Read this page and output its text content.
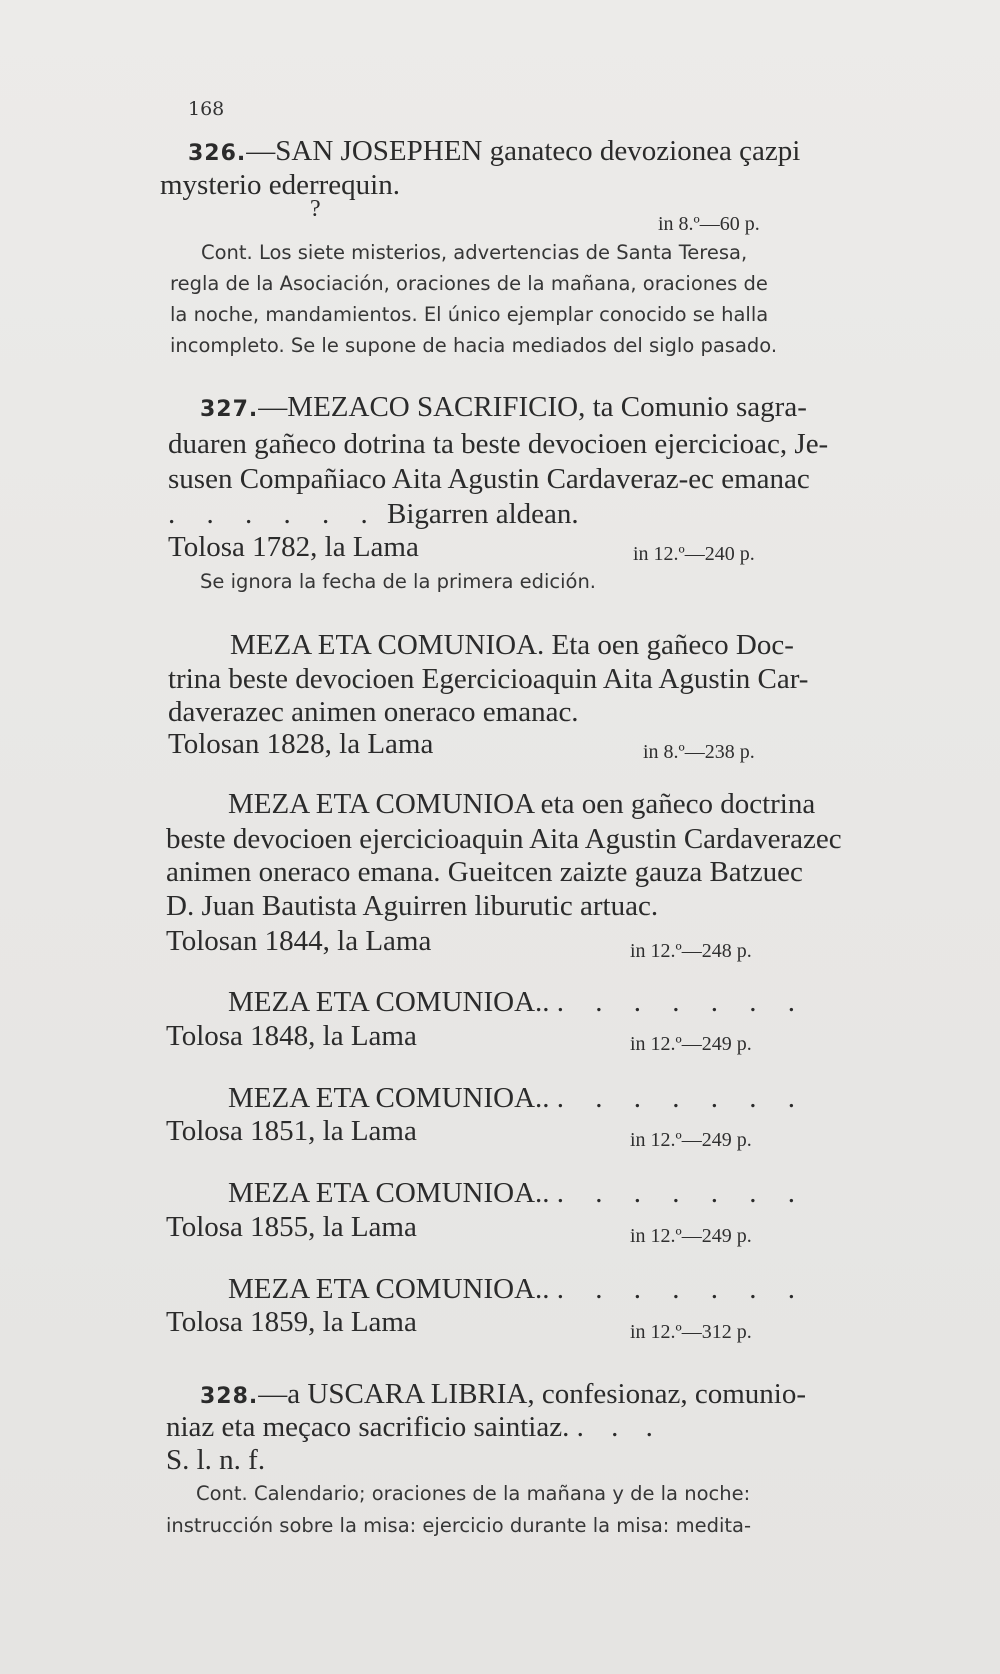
168
326.—SAN JOSEPHEN ganateco devozionea çazpi
mysterio ederrequin.
?
in 8.º—60 p.
Cont. Los siete misterios, advertencias de Santa Teresa,
regla de la Asociación, oraciones de la mañana, oraciones de
la noche, mandamientos. El único ejemplar conocido se halla
incompleto. Se le supone de hacia mediados del siglo pasado.
327.—MEZACO SACRIFICIO, ta Comunio sagra-
duaren gañeco dotrina ta beste devocioen ejercicioac, Je-
susen Compañiaco Aita Agustin Cardaveraz-ec emanac
. . . . . . Bigarren aldean.
Tolosa 1782, la Lama	in 12.º—240 p.
Se ignora la fecha de la primera edición.
MEZA ETA COMUNIOA. Eta oen gañeco Doc-
trina beste devocioen Egercicioaquin Aita Agustin Car-
daverazec animen oneraco emanac.
Tolosan 1828, la Lama	in 8.º—238 p.
MEZA ETA COMUNIOA eta oen gañeco doctrina
beste devocioen ejercicioaquin Aita Agustin Cardaverazec
animen oneraco emana. Gueitcen zaizte gauza Batzuec
D. Juan Bautista Aguirren liburutic artuac.
Tolosan 1844, la Lama	in 12.º—248 p.
MEZA ETA COMUNIOA.. . . . . . . .
Tolosa 1848, la Lama	in 12.º—249 p.
MEZA ETA COMUNIOA.. . . . . . . .
Tolosa 1851, la Lama	in 12.º—249 p.
MEZA ETA COMUNIOA.. . . . . . . .
Tolosa 1855, la Lama	in 12.º—249 p.
MEZA ETA COMUNIOA.. . . . . . . .
Tolosa 1859, la Lama	in 12.º—312 p.
328.—a USCARA LIBRIA, confesionaz, comunio-
niaz eta meçaco sacrificio saintiaz. . . .
S. l. n. f.
Cont. Calendario; oraciones de la mañana y de la noche:
instrucción sobre la misa: ejercicio durante la misa: medita-
